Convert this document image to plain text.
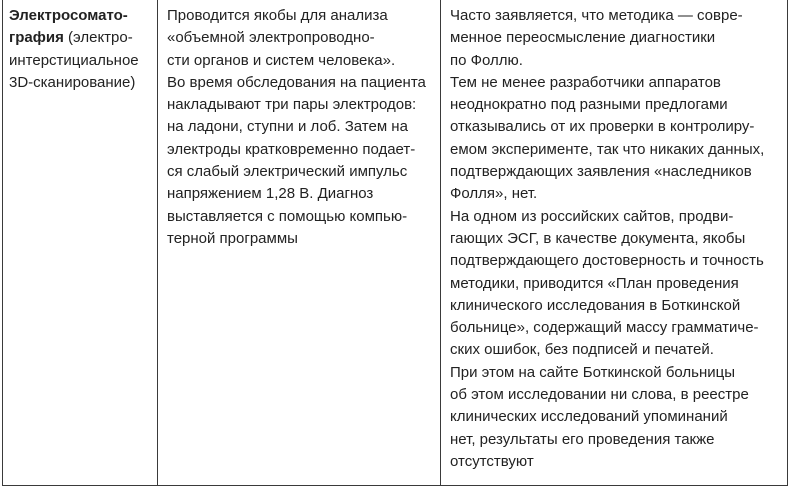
Электросомато-
графия (электро-
интерстициальное
3D-сканирование)

Проводится якобы для анализа
«объемной электропроводно-
сти органов и систем человека».
Во время обследования на пациента
накладывают три пары электродов:
на ладони, ступни и лоб. Затем на
электроды кратковременно подает-
ся слабый электрический импульс
напряжением 1,28 В. Диагноз
выставляется с помощью компью-
терной программы

Часто заявляется, что методика — совре-
менное переосмысление диагностики
по Фоллю.
Тем не менее разработчики аппаратов
неоднократно под разными предлогами
отказывались от их проверки в контролиру-
емом эксперименте, так что никаких данных,
подтверждающих заявления «наследников
Фолля», нет.
На одном из российских сайтов, продви-
гающих ЭСГ, в качестве документа, якобы
подтверждающего достоверность и точность
методики, приводится «План проведения
клинического исследования в Боткинской
больнице», содержащий массу грамматиче-
ских ошибок, без подписей и печатей.
При этом на сайте Боткинской больницы
об этом исследовании ни слова, в реестре
клинических исследований упоминаний
нет, результаты его проведения также
отсутствуют
